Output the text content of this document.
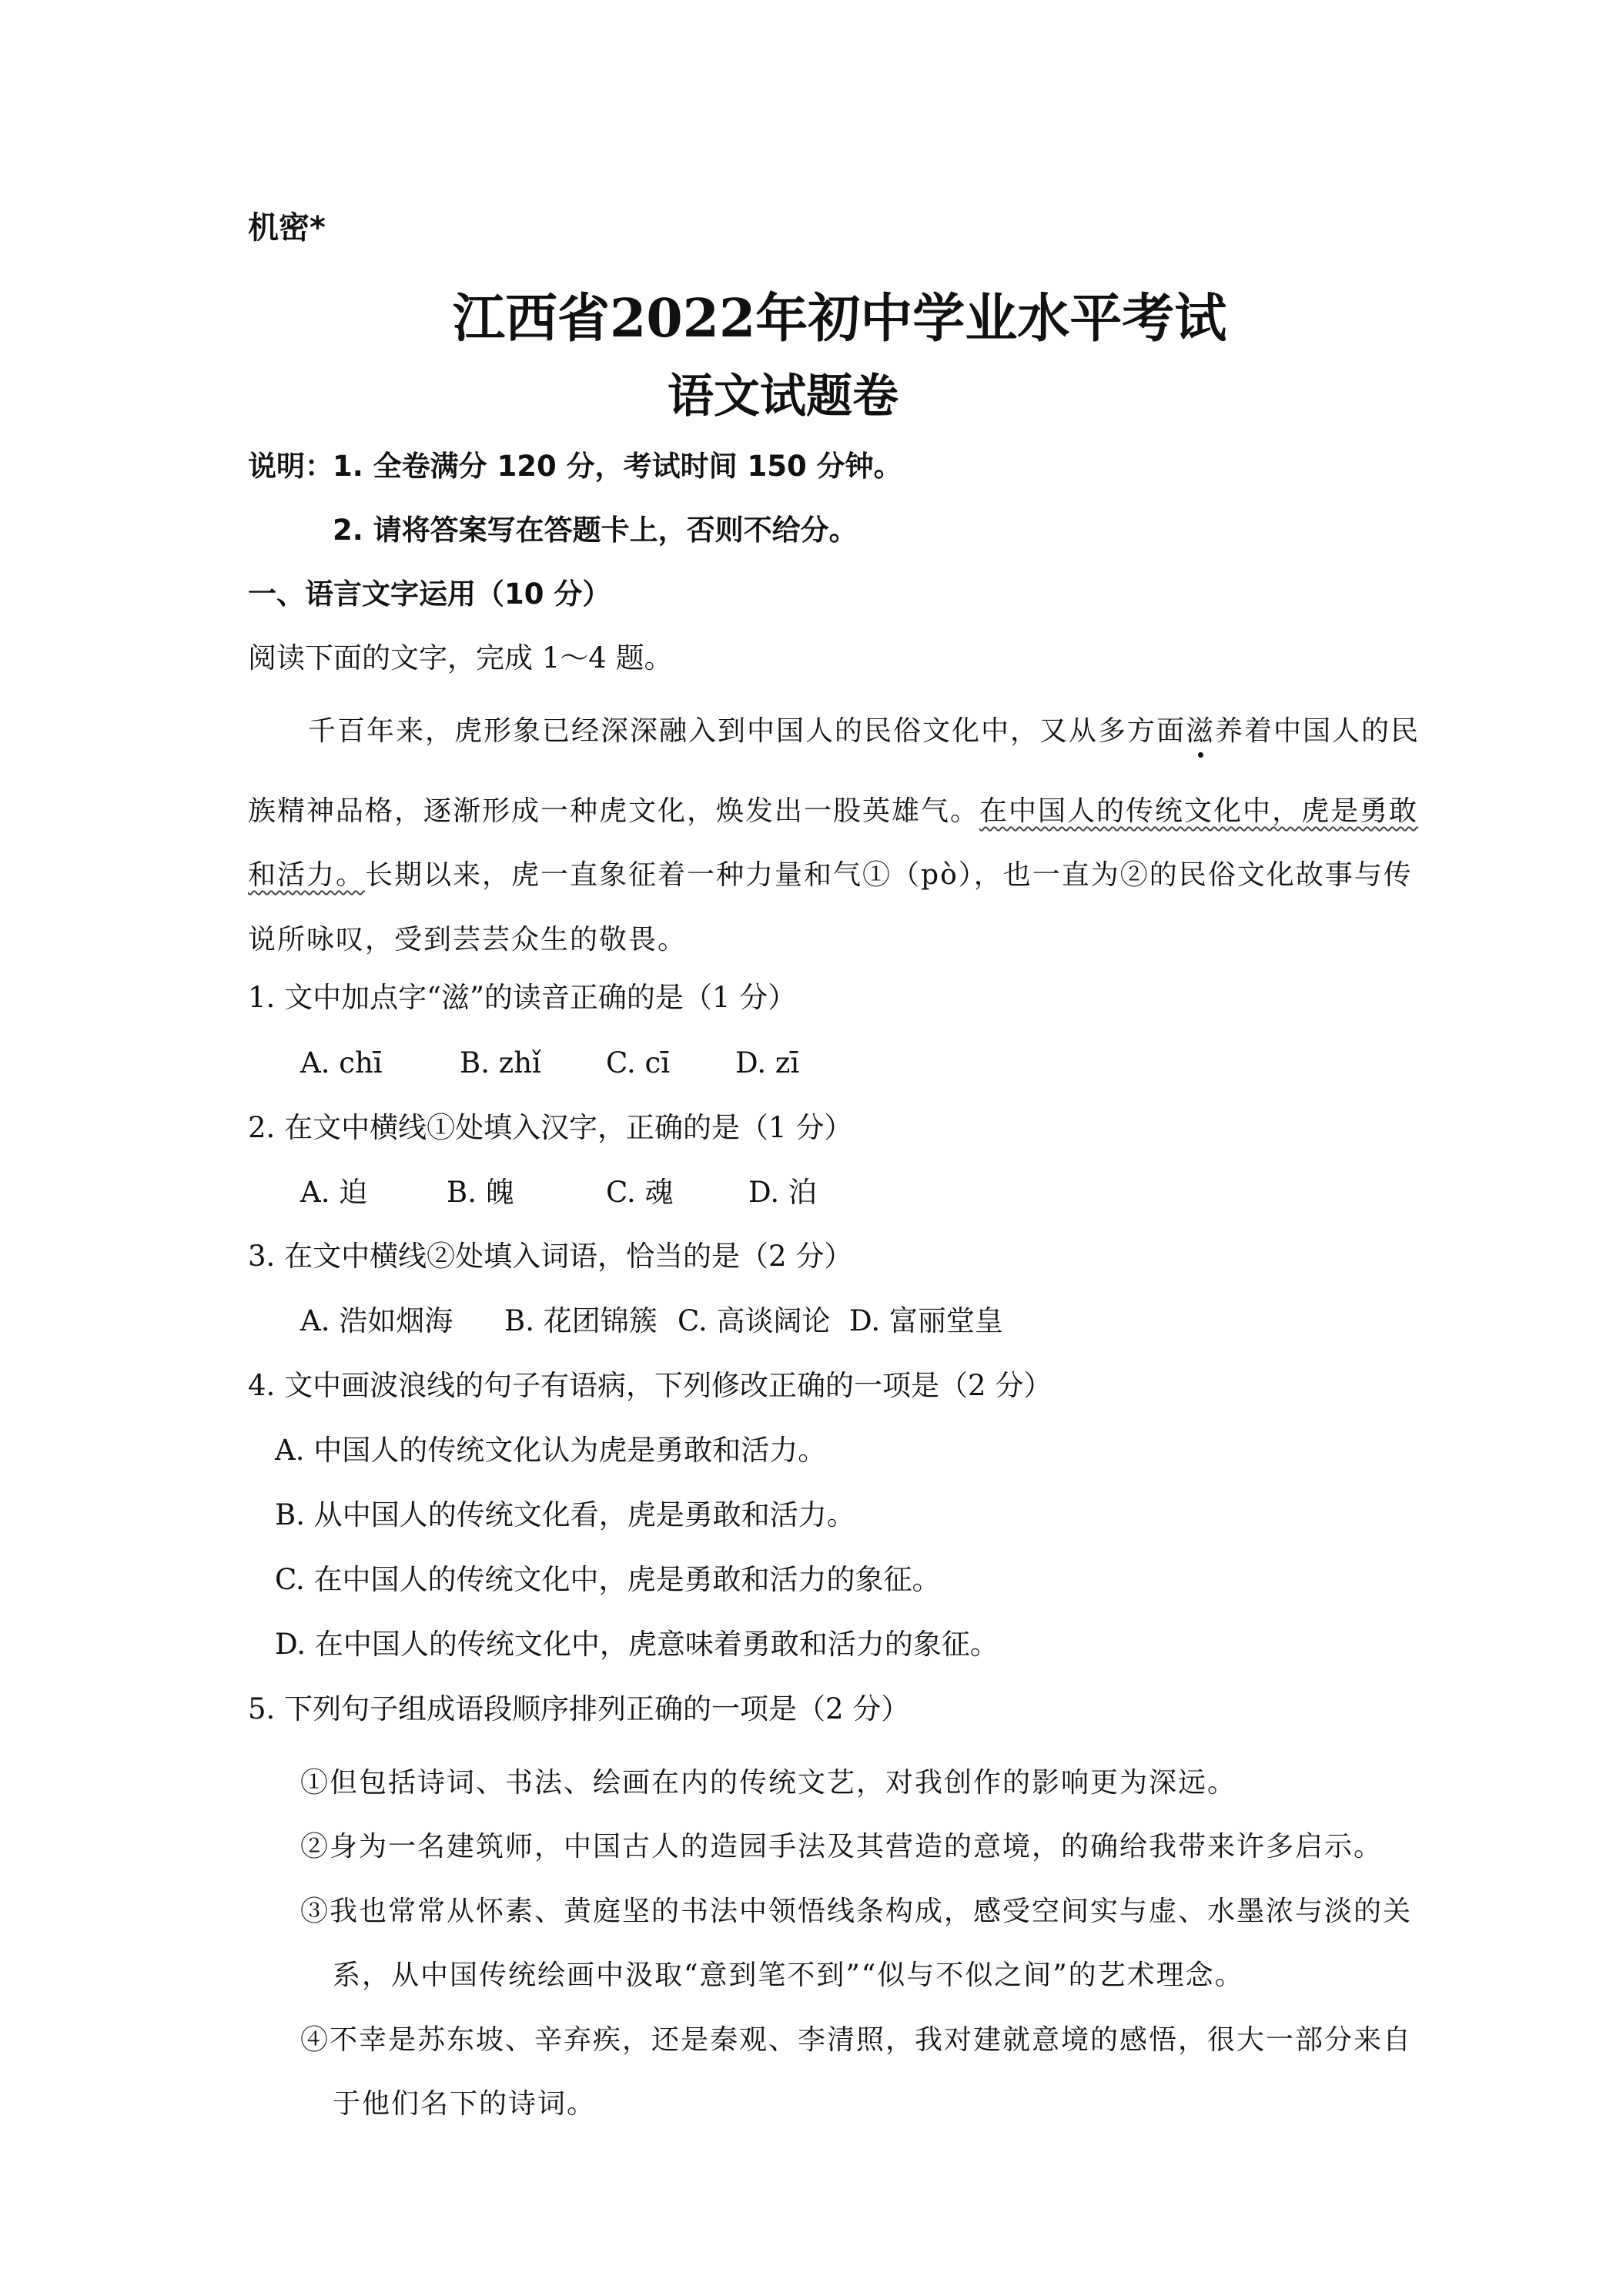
机密*

江西省2022年初中学业水平考试
语文试题卷

说明： 1. 全卷满分 120 分，考试时间 150 分钟。

2. 请将答案写在答题卡上，否则不给分。

一、语言文字运用（10 分）

阅读下面的文字，完成 1～4 题。

千百年来，虎形象已经深深融入到中国人的民俗文化中，又从多方面滋养着中国人的民

族精神品格，逐渐形成一种虎文化，焕发出一股英雄气。在中国人的传统文化中，虎是勇敢

和活力。长期以来，虎一直象征着一种力量和气①（pò），也一直为②的民俗文化故事与传

说所咏叹，受到芸芸众生的敬畏。

1. 文中加点字“滋”的读音正确的是（1 分）

A. chī	B. zhǐ C. cī D. zī

2. 在文中横线①处填入汉字，正确的是（1 分）

A. 迫	B. 魄	C. 魂	D. 泊

3. 在文中横线②处填入词语，恰当的是（2 分）

A. 浩如烟海 B. 花团锦簇 C. 高谈阔论 D. 富丽堂皇

4. 文中画波浪线的句子有语病，下列修改正确的一项是（2 分）

A. 中国人的传统文化认为虎是勇敢和活力。

B. 从中国人的传统文化看，虎是勇敢和活力。

C. 在中国人的传统文化中，虎是勇敢和活力的象征。

D. 在中国人的传统文化中，虎意味着勇敢和活力的象征。

5. 下列句子组成语段顺序排列正确的一项是（2 分）

①但包括诗词、书法、绘画在内的传统文艺，对我创作的影响更为深远。

②身为一名建筑师，中国古人的造园手法及其营造的意境，的确给我带来许多启示。

③我也常常从怀素、黄庭坚的书法中领悟线条构成，感受空间实与虚、水墨浓与淡的关

系，从中国传统绘画中汲取“意到笔不到”“似与不似之间”的艺术理念。

④不幸是苏东坡、辛弃疾，还是秦观、李清照，我对建就意境的感悟，很大一部分来自

于他们名下的诗词。
